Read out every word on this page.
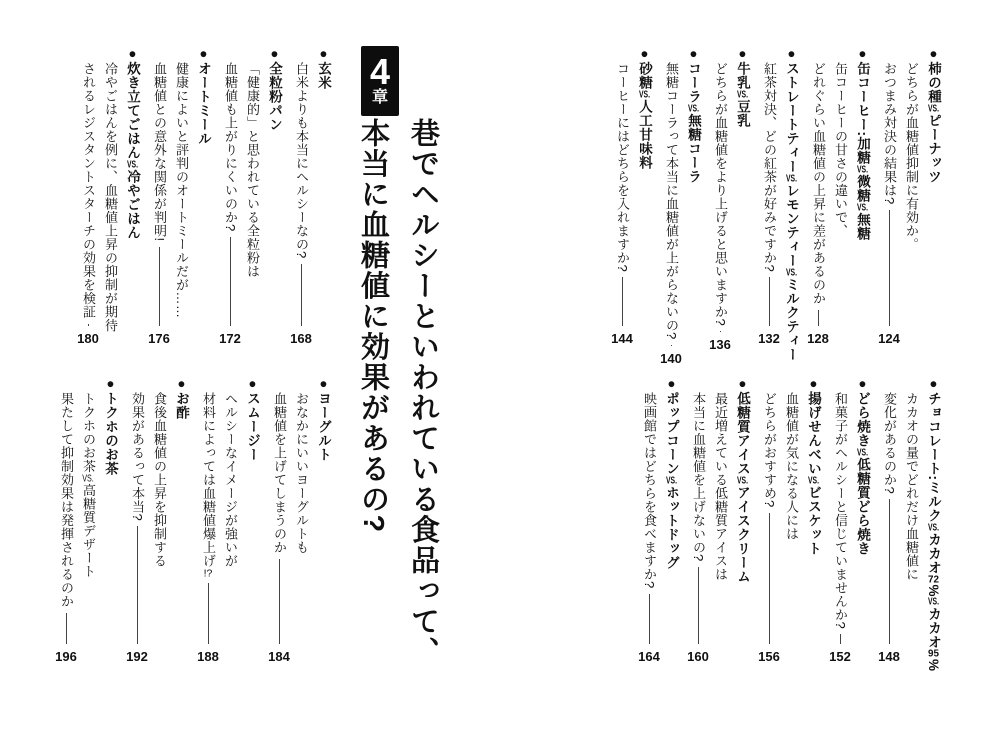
●柿の種VS.ピーナッツ
どちらが血糖値抑制に有効か。
おつまみ対決の結果は?
124
●缶コーヒー:加糖VS.微糖VS.無糖
缶コーヒーの甘さの違いで、
どれぐらい血糖値の上昇に差があるのか
128
●ストレートティーVS.レモンティーVS.ミルクティー
紅茶対決、どの紅茶が好みですか?
132
●牛乳VS.豆乳
どちらが血糖値をより上げると思いますか?
136
●コーラVS.無糖コーラ
無糖コーラって本当に血糖値が上がらないの?
140
●砂糖VS.人工甘味料
コーヒーにはどちらを入れますか?
144
●チョコレート:ミルクVS.カカオ72%VS.カカオ95%
カカオの量でどれだけ血糖値に
変化があるのか?
148
●どら焼きVS.低糖質どら焼き
和菓子がヘルシーと信じていませんか?
152
●揚げせんべいVS.ビスケット
血糖値が気になる人には
どちらがおすすめ?
156
●低糖質アイスVS.アイスクリーム
最近増えている低糖質アイスは
本当に血糖値を上げないの?
160
●ポップコーンVS.ホットドッグ
映画館ではどちらを食べますか?
164
巷でヘルシーといわれている食品って、
本当に血糖値に効果があるの?
4
章
●玄米
白米よりも本当にヘルシーなの?
168
●全粒粉パン
「健康的」と思われている全粒粉は
血糖値も上がりにくいのか?
172
●オートミール
健康によいと評判のオートミールだが……
血糖値との意外な関係が判明!
176
●炊き立てごはんVS.冷やごはん
冷やごはんを例に、血糖値上昇の抑制が期待
されるレジスタントスターチの効果を検証
180
●ヨーグルト
おなかにいいヨーグルトも
血糖値を上げてしまうのか
184
●スムージー
ヘルシーなイメージが強いが
材料によっては血糖値爆上げ!?
188
●お酢
食後血糖値の上昇を抑制する
効果があるって本当?
192
●トクホのお茶
トクホのお茶VS.高糖質デザート
果たして抑制効果は発揮されるのか
196
